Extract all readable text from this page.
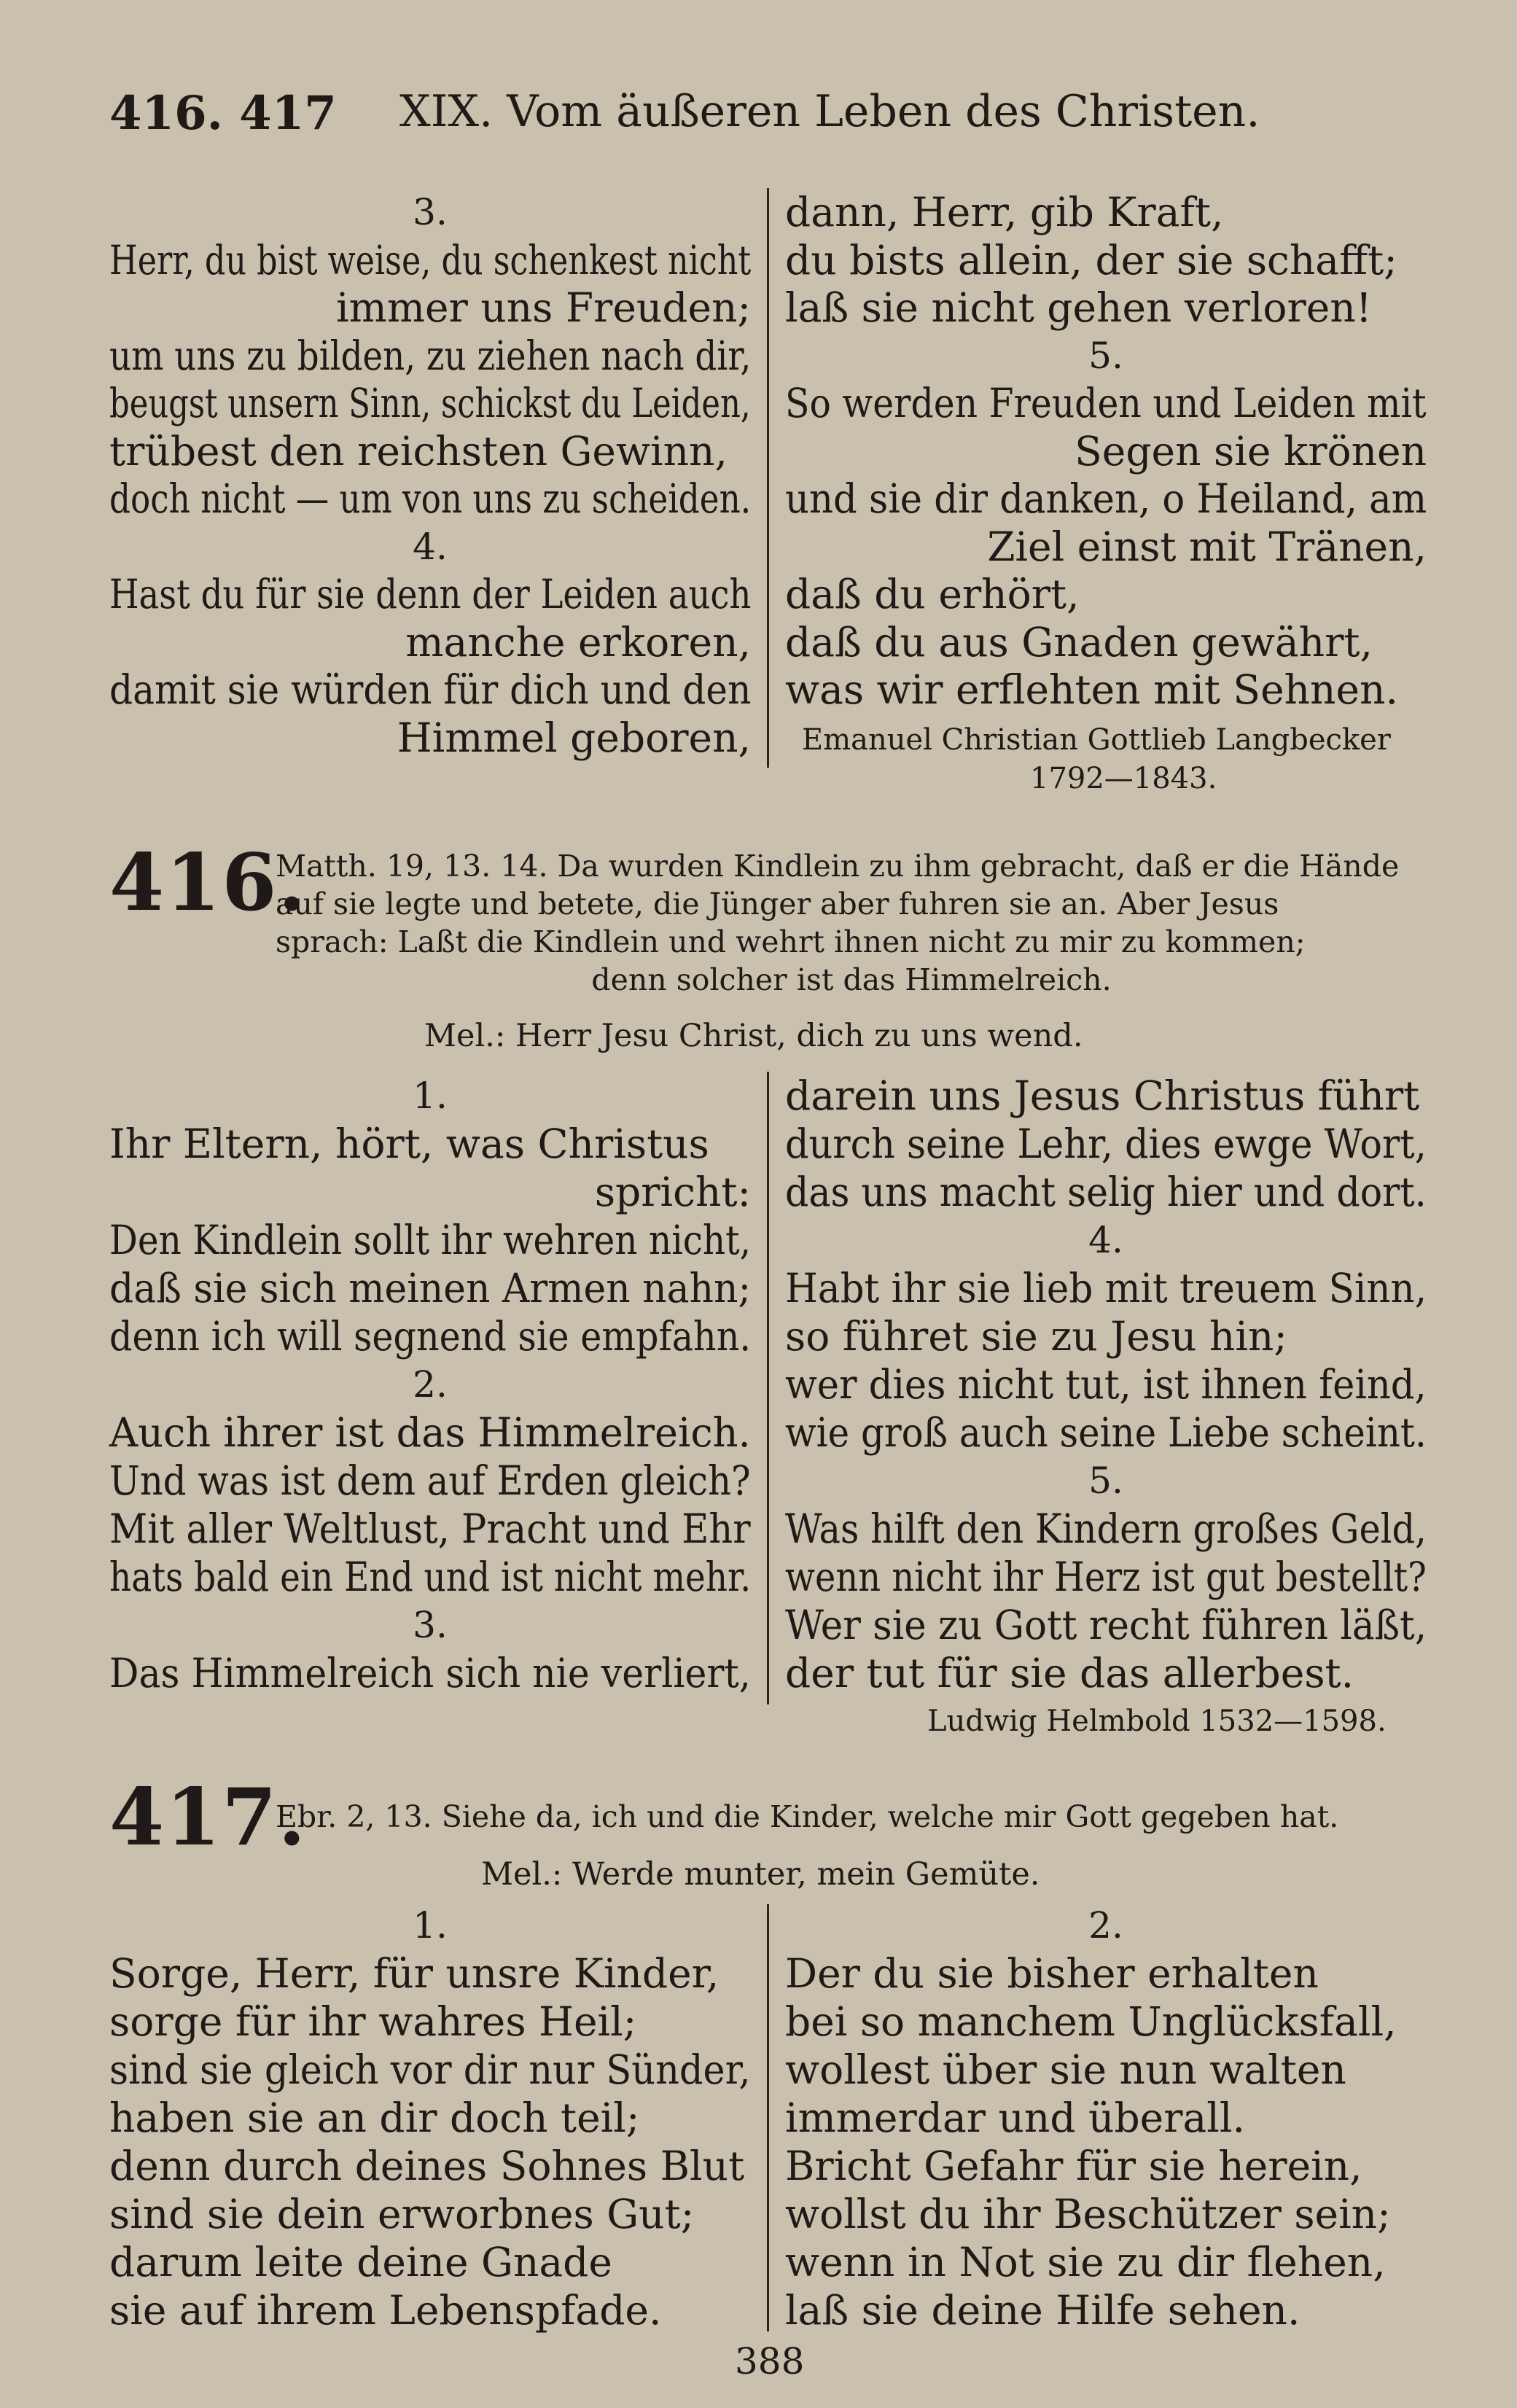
416. 417 XIX. Vom äußeren Leben des Christen.
3.
Herr, du bist weise, du schenkest nicht
immer uns Freuden;
um uns zu bilden, zu ziehen nach dir,
beugst unsern Sinn, schickst du Leiden,
trübest den reichsten Gewinn,
doch nicht — um von uns zu scheiden.
4.
Hast du für sie denn der Leiden auch
manche erkoren,
damit sie würden für dich und den
Himmel geboren,
dann, Herr, gib Kraft,
du bists allein, der sie schafft;
laß sie nicht gehen verloren!
5.
So werden Freuden und Leiden mit
Segen sie krönen
und sie dir danken, o Heiland, am
Ziel einst mit Tränen,
daß du erhört,
daß du aus Gnaden gewährt,
was wir erflehten mit Sehnen.
Emanuel Christian Gottlieb Langbecker
1792—1843.
416.
Matth. 19, 13. 14. Da wurden Kindlein zu ihm gebracht, daß er die Hände
auf sie legte und betete, die Jünger aber fuhren sie an. Aber Jesus
sprach: Laßt die Kindlein und wehrt ihnen nicht zu mir zu kommen;
denn solcher ist das Himmelreich.
Mel.: Herr Jesu Christ, dich zu uns wend.
1.
Ihr Eltern, hört, was Christus
spricht:
Den Kindlein sollt ihr wehren nicht,
daß sie sich meinen Armen nahn;
denn ich will segnend sie empfahn.
2.
Auch ihrer ist das Himmelreich.
Und was ist dem auf Erden gleich?
Mit aller Weltlust, Pracht und Ehr
hats bald ein End und ist nicht mehr.
3.
Das Himmelreich sich nie verliert,
darein uns Jesus Christus führt
durch seine Lehr, dies ewge Wort,
das uns macht selig hier und dort.
4.
Habt ihr sie lieb mit treuem Sinn,
so führet sie zu Jesu hin;
wer dies nicht tut, ist ihnen feind,
wie groß auch seine Liebe scheint.
5.
Was hilft den Kindern großes Geld,
wenn nicht ihr Herz ist gut bestellt?
Wer sie zu Gott recht führen läßt,
der tut für sie das allerbest.
Ludwig Helmbold 1532—1598.
417.
Ebr. 2, 13. Siehe da, ich und die Kinder, welche mir Gott gegeben hat.
Mel.: Werde munter, mein Gemüte.
1.
Sorge, Herr, für unsre Kinder,
sorge für ihr wahres Heil;
sind sie gleich vor dir nur Sünder,
haben sie an dir doch teil;
denn durch deines Sohnes Blut
sind sie dein erworbnes Gut;
darum leite deine Gnade
sie auf ihrem Lebenspfade.
2.
Der du sie bisher erhalten
bei so manchem Unglücksfall,
wollest über sie nun walten
immerdar und überall.
Bricht Gefahr für sie herein,
wollst du ihr Beschützer sein;
wenn in Not sie zu dir flehen,
laß sie deine Hilfe sehen.
388
